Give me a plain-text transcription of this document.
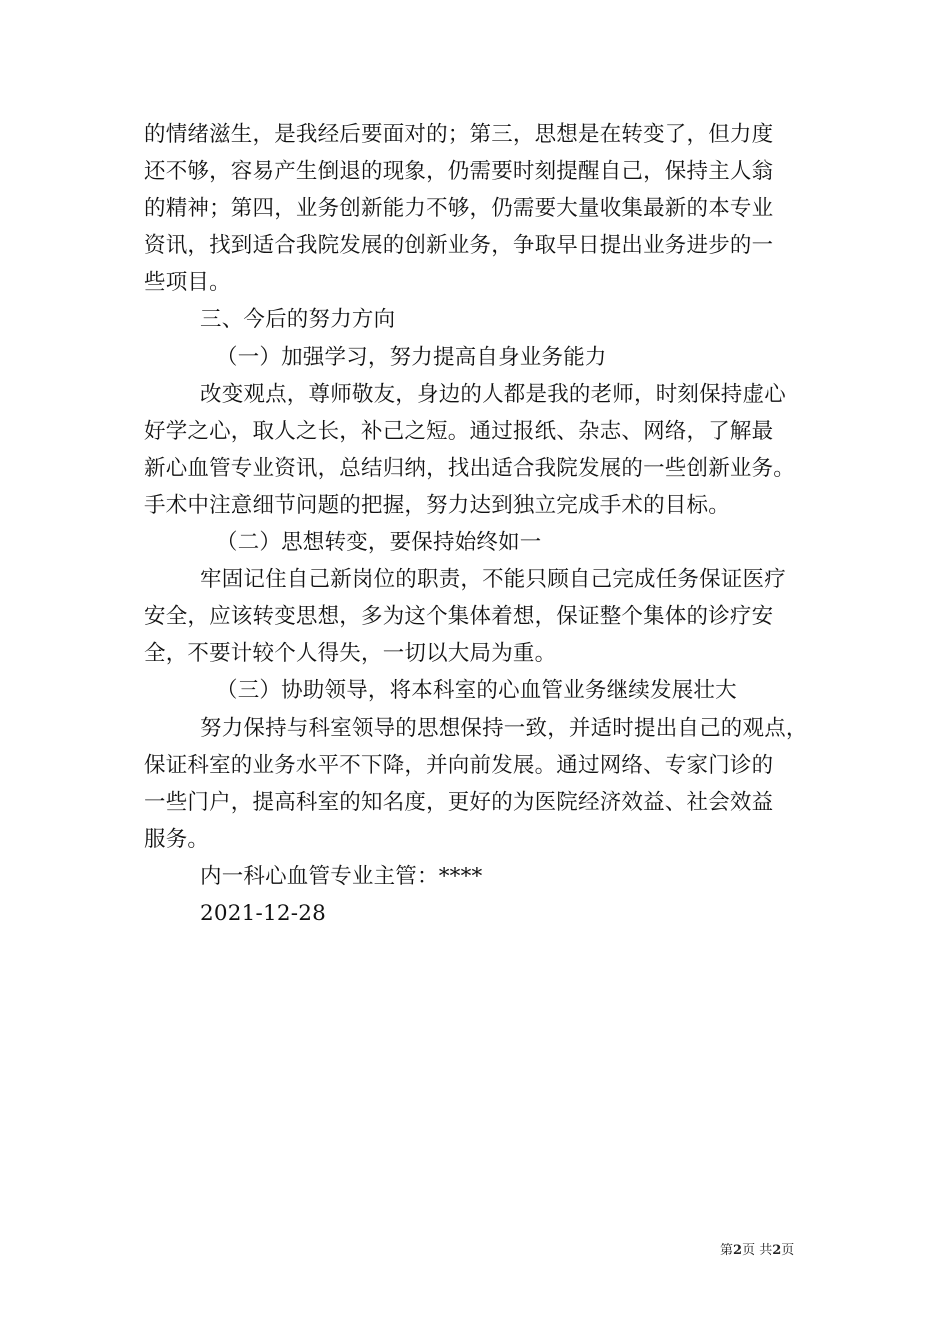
的情绪滋生，是我经后要面对的；第三，思想是在转变了，但力度
还不够，容易产生倒退的现象，仍需要时刻提醒自己，保持主人翁
的精神；第四，业务创新能力不够，仍需要大量收集最新的本专业
资讯，找到适合我院发展的创新业务，争取早日提出业务进步的一
些项目。
三、今后的努力方向
（一）加强学习，努力提高自身业务能力
改变观点，尊师敬友，身边的人都是我的老师，时刻保持虚心
好学之心，取人之长，补己之短。通过报纸、杂志、网络，了解最
新心血管专业资讯，总结归纳，找出适合我院发展的一些创新业务。
手术中注意细节问题的把握，努力达到独立完成手术的目标。
（二）思想转变，要保持始终如一
牢固记住自己新岗位的职责，不能只顾自己完成任务保证医疗
安全，应该转变思想，多为这个集体着想，保证整个集体的诊疗安
全，不要计较个人得失，一切以大局为重。
（三）协助领导，将本科室的心血管业务继续发展壮大
努力保持与科室领导的思想保持一致，并适时提出自己的观点，
保证科室的业务水平不下降，并向前发展。通过网络、专家门诊的
一些门户，提高科室的知名度，更好的为医院经济效益、社会效益
服务。
内一科心血管专业主管：****
2021-12-28
第2页 共2页
